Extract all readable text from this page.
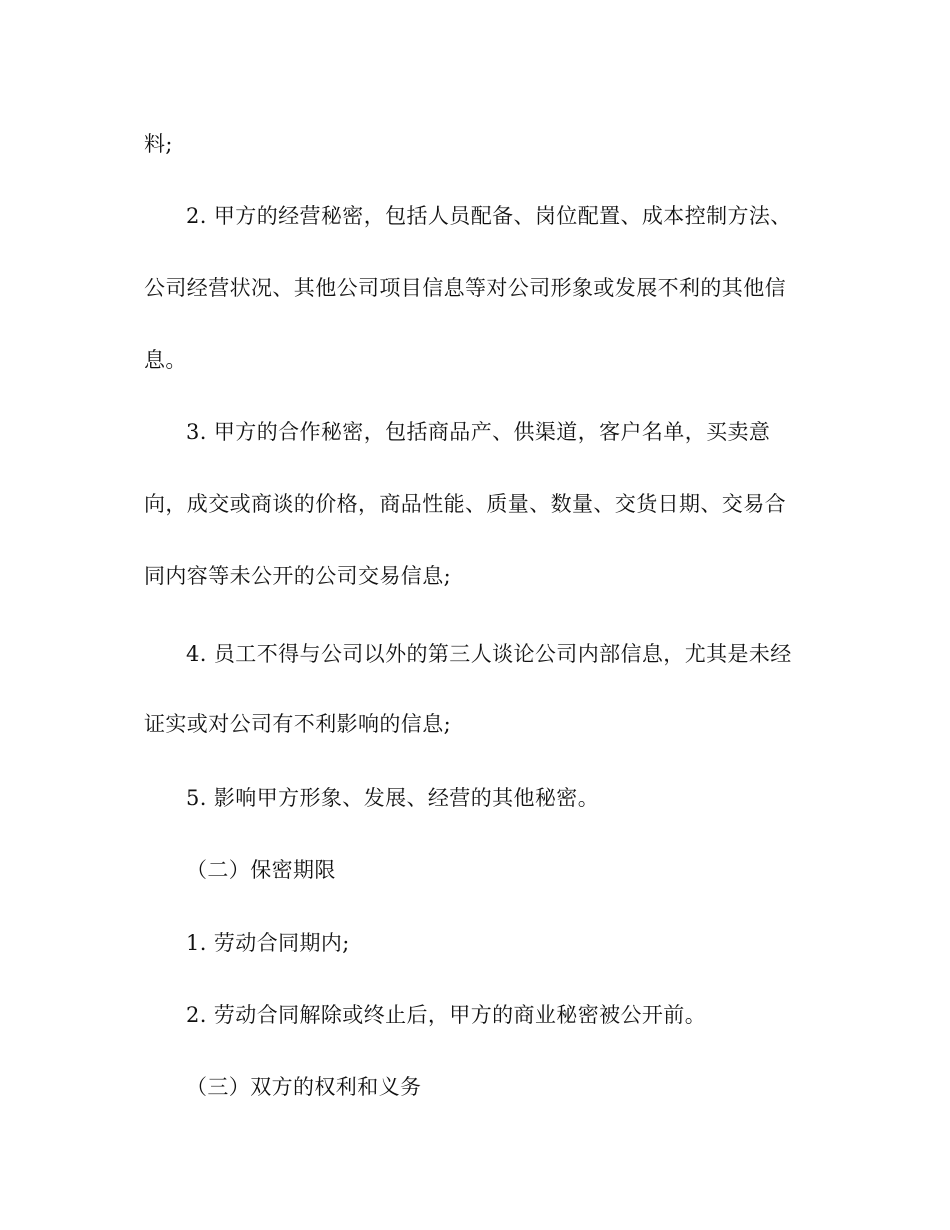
料;

2. 甲方的经营秘密，包括人员配备、岗位配置、成本控制方法、

公司经营状况、其他公司项目信息等对公司形象或发展不利的其他信

息。

3. 甲方的合作秘密，包括商品产、供渠道，客户名单，买卖意

向，成交或商谈的价格，商品性能、质量、数量、交货日期、交易合

同内容等未公开的公司交易信息;

4. 员工不得与公司以外的第三人谈论公司内部信息，尤其是未经

证实或对公司有不利影响的信息;

5. 影响甲方形象、发展、经营的其他秘密。

（二）保密期限

1. 劳动合同期内;

2. 劳动合同解除或终止后，甲方的商业秘密被公开前。

（三）双方的权利和义务
